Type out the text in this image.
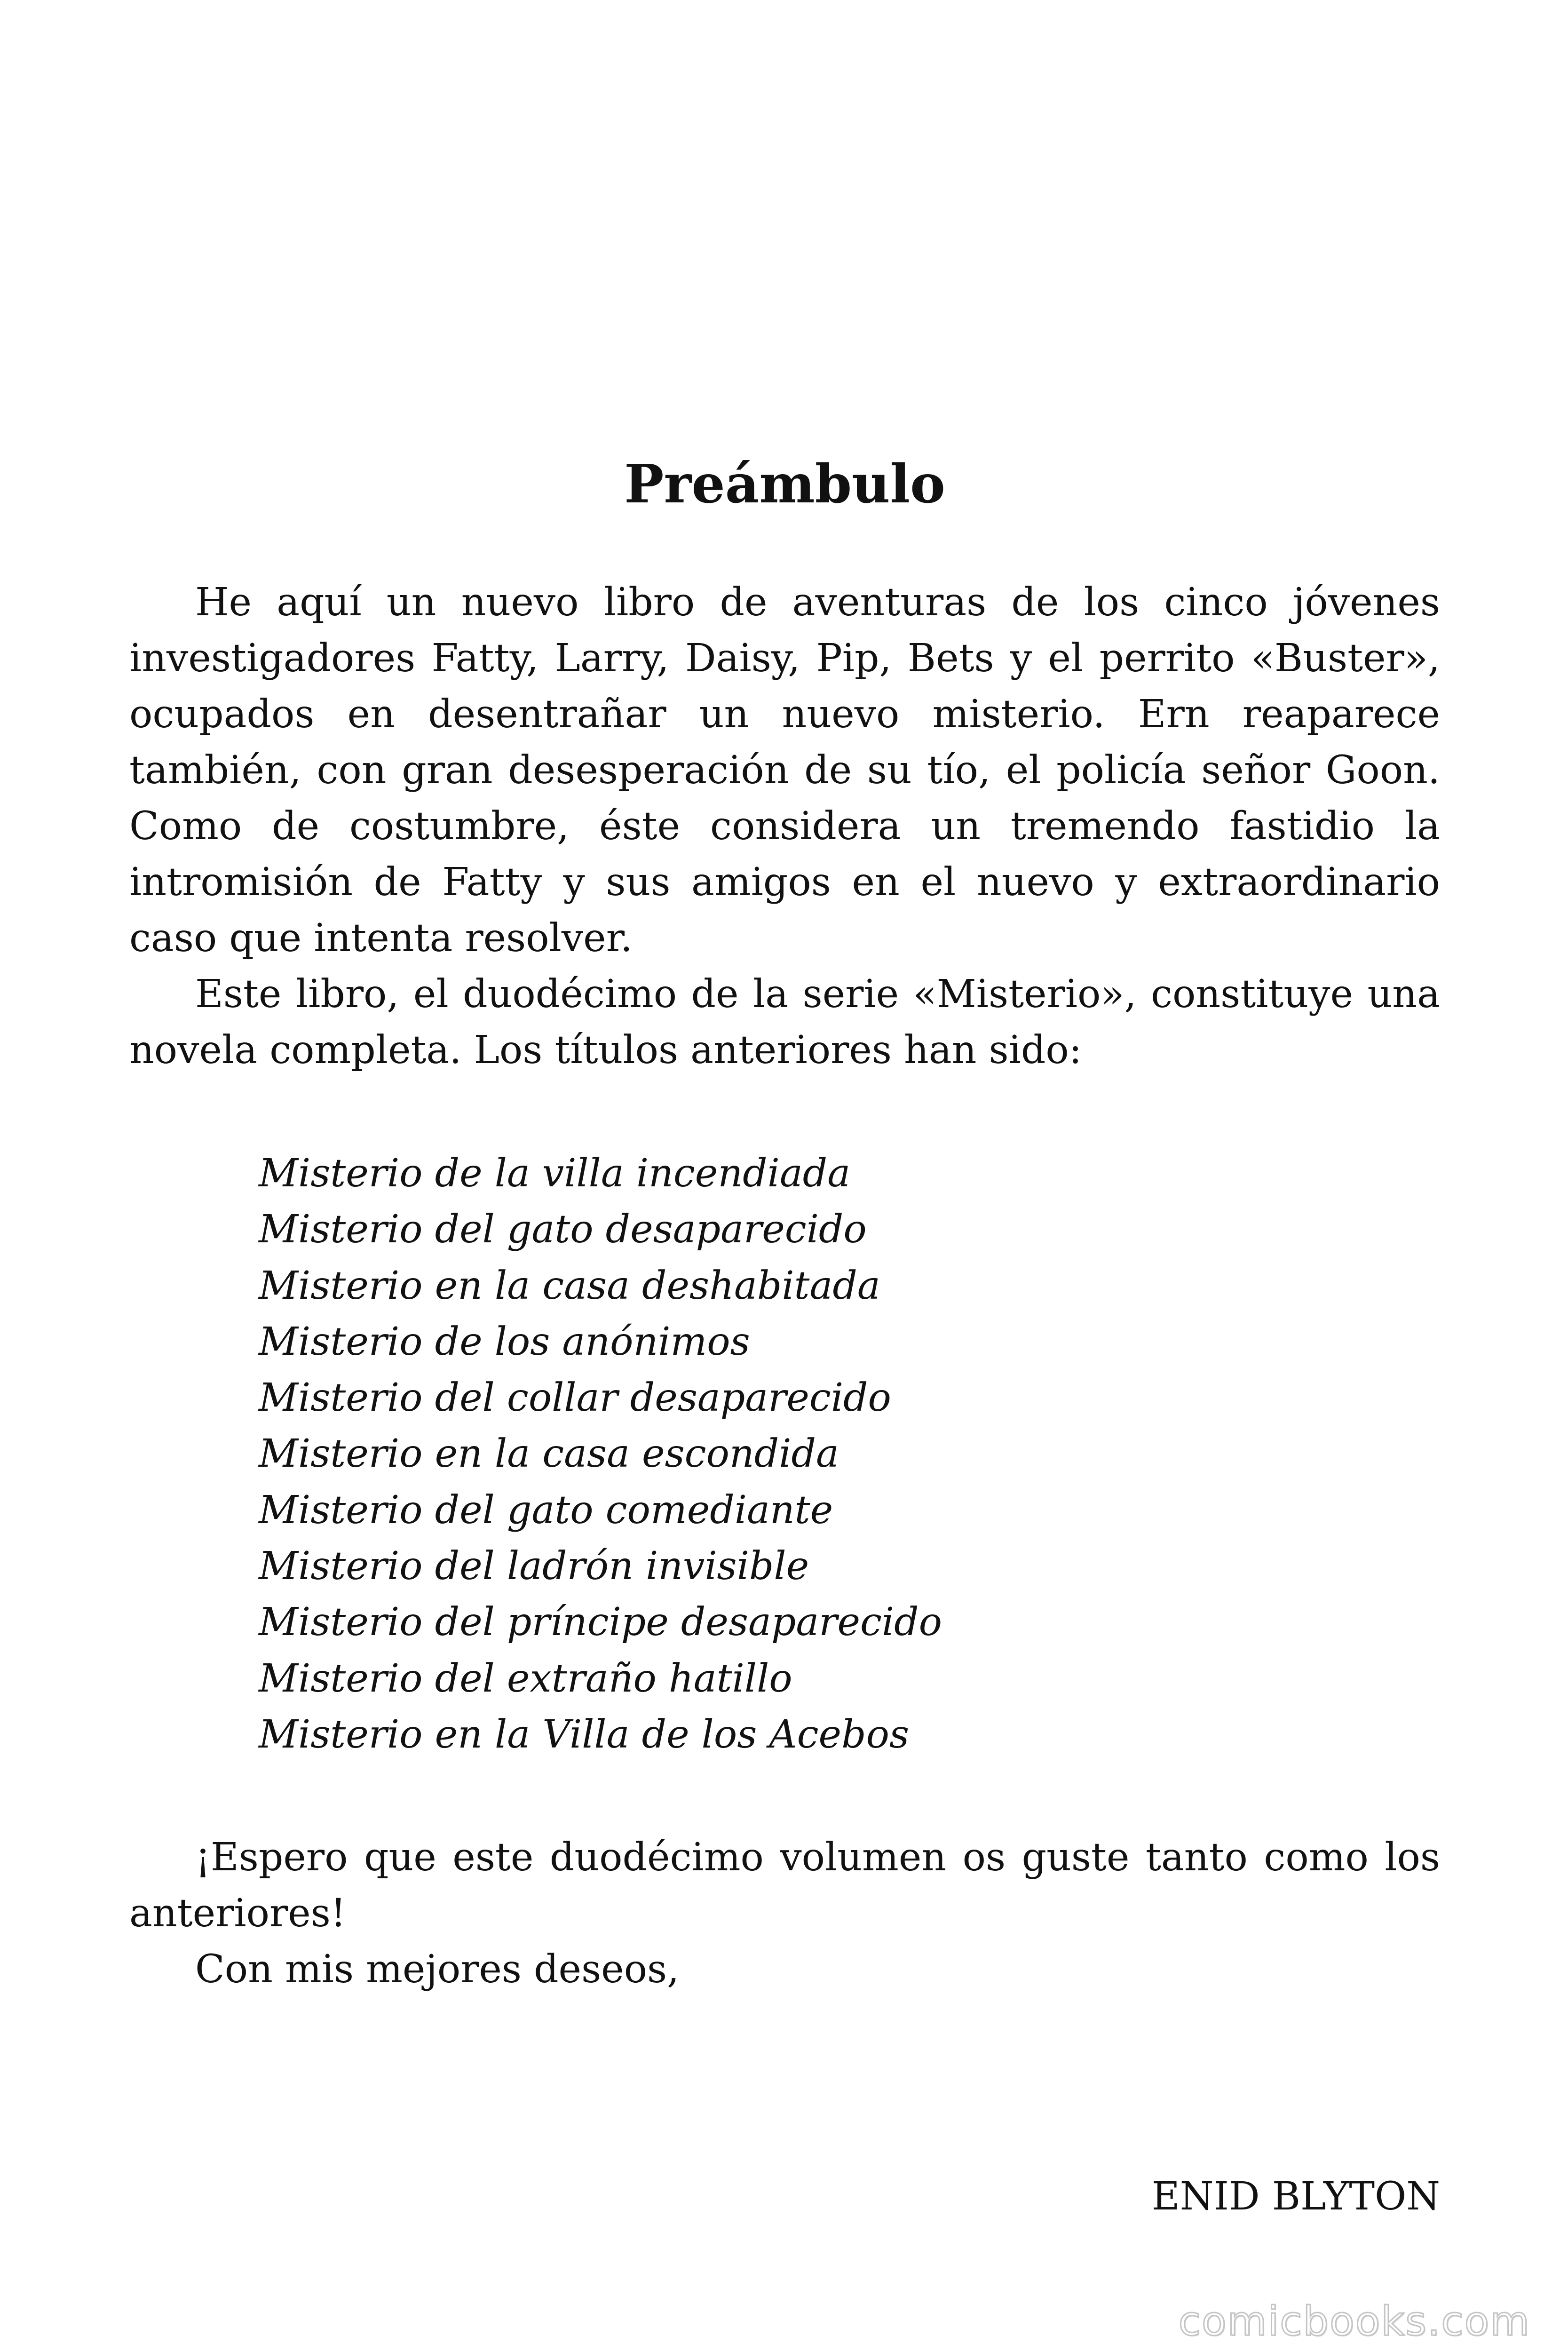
Preámbulo

He aquí un nuevo libro de aventuras de los cinco jóvenes investigadores Fatty, Larry, Daisy, Pip, Bets y el perrito «Buster», ocupados en desentrañar un nuevo misterio. Ern reaparece también, con gran desesperación de su tío, el policía señor Goon. Como de costumbre, éste considera un tremendo fastidio la intromisión de Fatty y sus amigos en el nuevo y extraordinario caso que intenta resolver.

Este libro, el duodécimo de la serie «Misterio», constituye una novela completa. Los títulos anteriores han sido:

Misterio de la villa incendiada
Misterio del gato desaparecido
Misterio en la casa deshabitada
Misterio de los anónimos
Misterio del collar desaparecido
Misterio en la casa escondida
Misterio del gato comediante
Misterio del ladrón invisible
Misterio del príncipe desaparecido
Misterio del extraño hatillo
Misterio en la Villa de los Acebos

¡Espero que este duodécimo volumen os guste tanto como los anteriores!

Con mis mejores deseos,

ENID BLYTON

comicbooks.com
